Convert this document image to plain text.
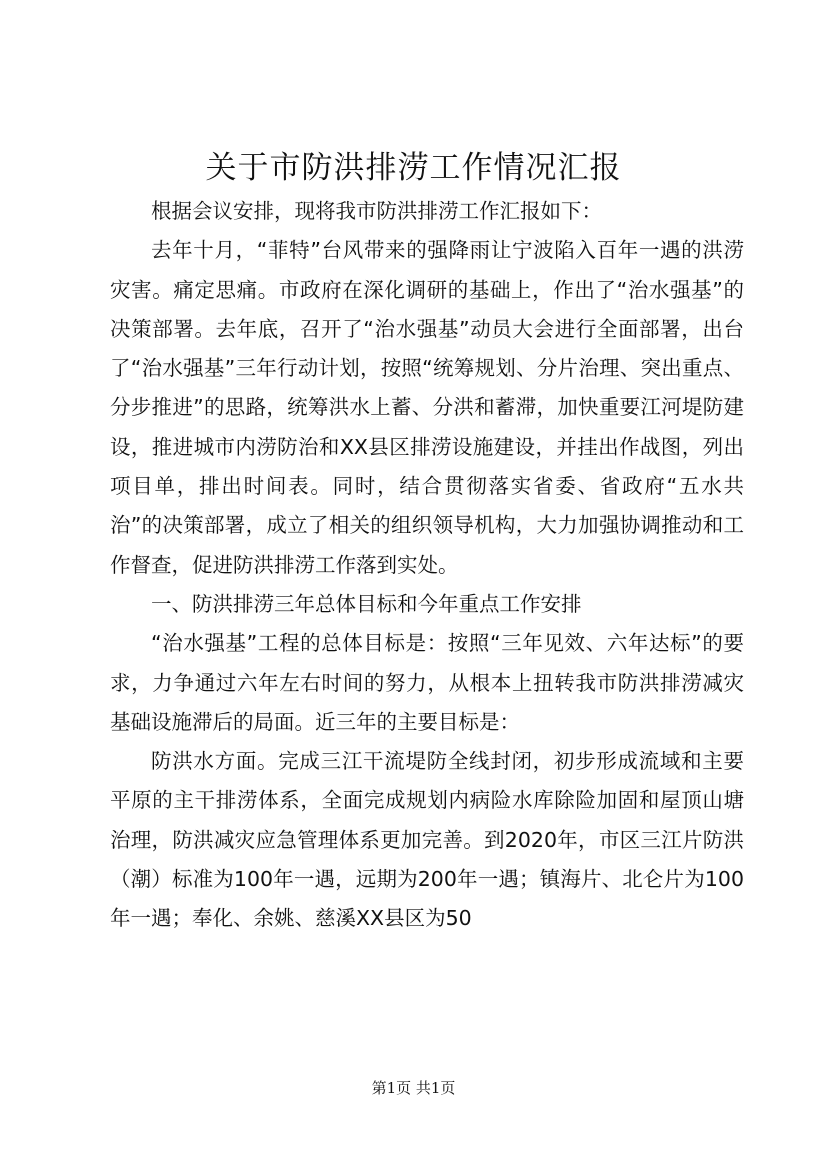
关于市防洪排涝工作情况汇报

根据会议安排，现将我市防洪排涝工作汇报如下：

去年十月，“菲特”台风带来的强降雨让宁波陷入百年一遇的洪涝灾害。痛定思痛。市政府在深化调研的基础上，作出了“治水强基”的决策部署。去年底，召开了“治水强基”动员大会进行全面部署，出台了“治水强基”三年行动计划，按照“统筹规划、分片治理、突出重点、分步推进”的思路，统筹洪水上蓄、分洪和蓄滞，加快重要江河堤防建设，推进城市内涝防治和XX县区排涝设施建设，并挂出作战图，列出项目单，排出时间表。同时，结合贯彻落实省委、省政府“五水共治”的决策部署，成立了相关的组织领导机构，大力加强协调推动和工作督查，促进防洪排涝工作落到实处。

一、防洪排涝三年总体目标和今年重点工作安排

“治水强基”工程的总体目标是：按照“三年见效、六年达标”的要求，力争通过六年左右时间的努力，从根本上扭转我市防洪排涝减灾基础设施滞后的局面。近三年的主要目标是：

防洪水方面。完成三江干流堤防全线封闭，初步形成流域和主要平原的主干排涝体系，全面完成规划内病险水库除险加固和屋顶山塘治理，防洪减灾应急管理体系更加完善。到2020年，市区三江片防洪（潮）标准为100年一遇，远期为200年一遇；镇海片、北仑片为100年一遇；奉化、余姚、慈溪XX县区为50

第1页 共1页
